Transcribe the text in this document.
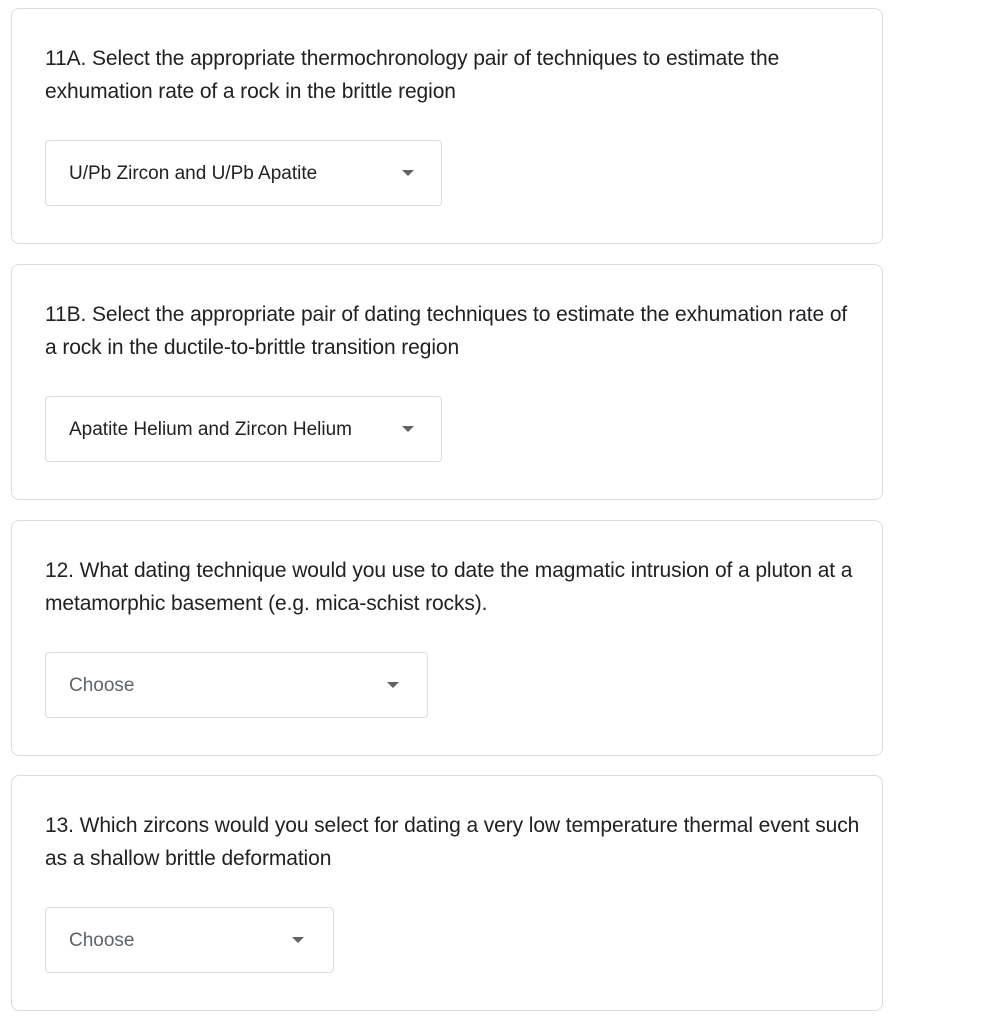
11A. Select the appropriate thermochronology pair of techniques to estimate the exhumation rate of a rock in the brittle region
U/Pb Zircon and U/Pb Apatite
11B. Select the appropriate pair of dating techniques to estimate the exhumation rate of a rock in the ductile-to-brittle transition region
Apatite Helium and Zircon Helium
12. What dating technique would you use to date the magmatic intrusion of a pluton at a metamorphic basement (e.g. mica-schist rocks).
Choose
13. Which zircons would you select for dating a very low temperature thermal event such as a shallow brittle deformation
Choose
